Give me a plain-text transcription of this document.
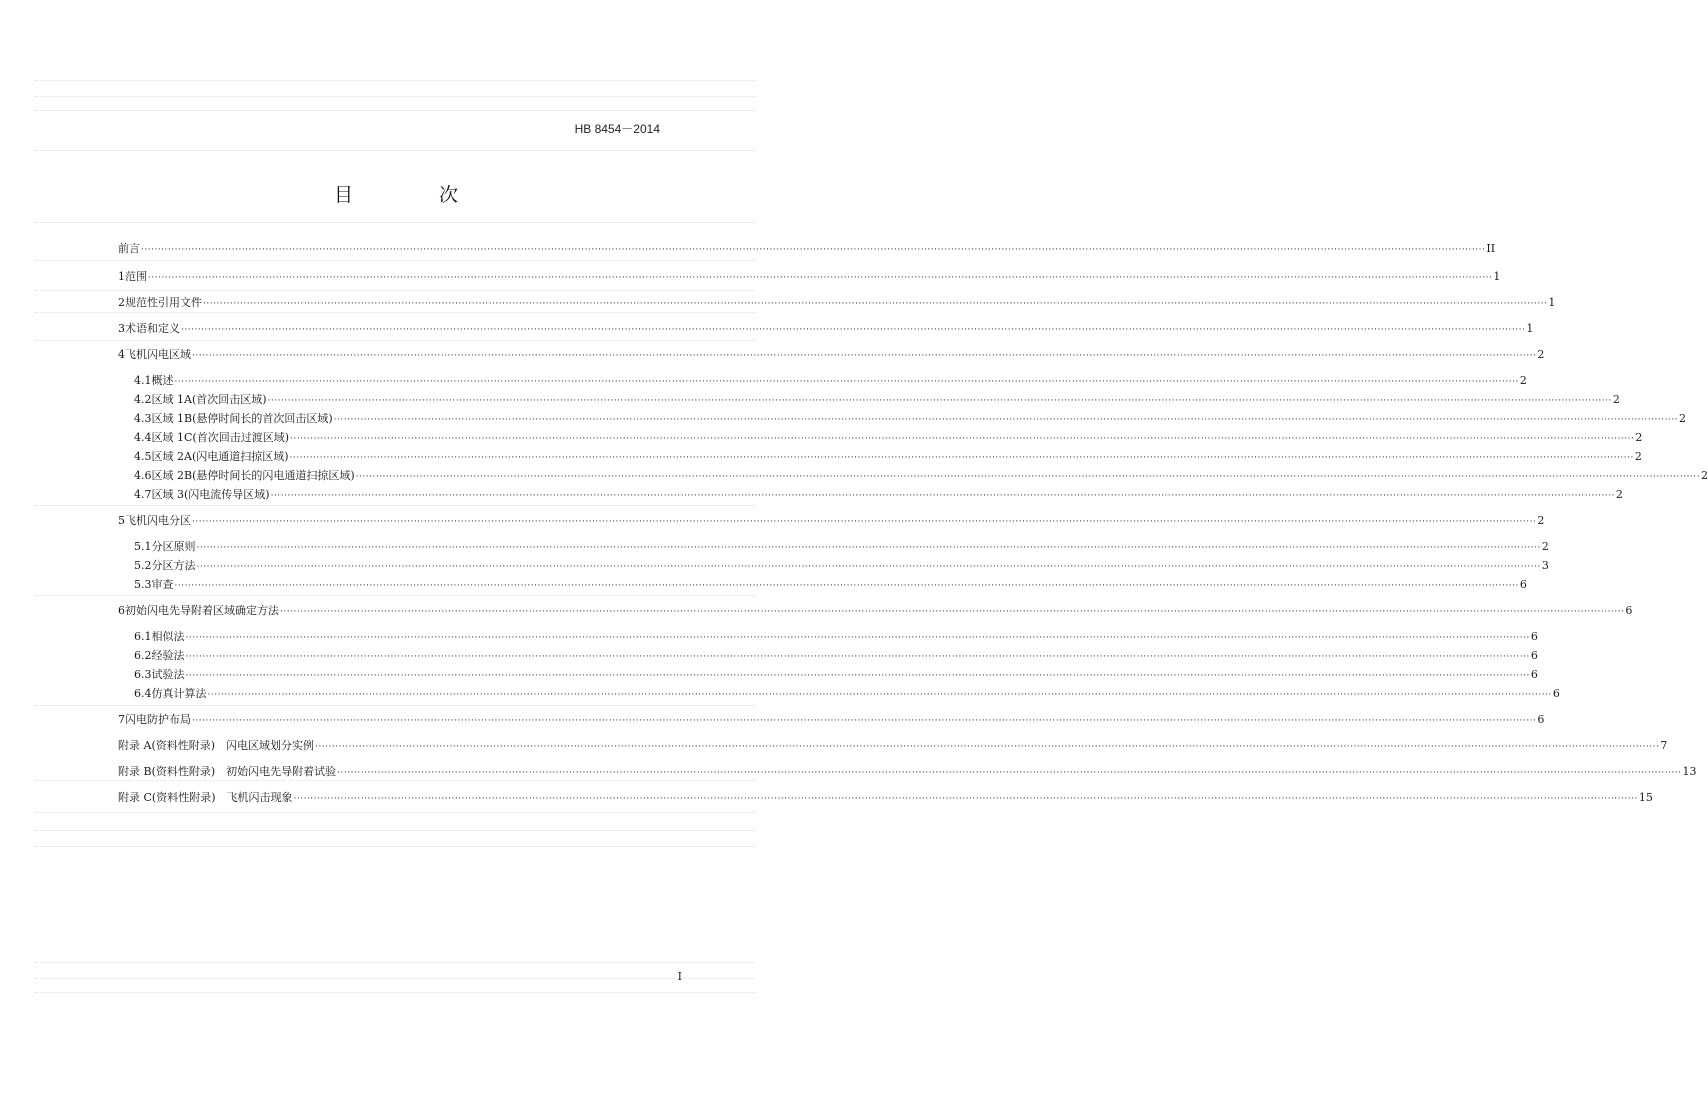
HB 8454－2014
目 次
前言 ················································································································································································································································································································································································································ II
1 范围 ················································································································································································································································································································································································································ 1
2 规范性引用文件 ················································································································································································································································································································································································································ 1
3 术语和定义 ················································································································································································································································································································································································································ 1
4 飞机闪电区域 ················································································································································································································································································································································································································ 2
4.1 概述 ················································································································································································································································································································································································································ 2
4.2 区域 1A(首次回击区域) ················································································································································································································································································································································································································ 2
4.3 区域 1B(悬停时间长的首次回击区域) ················································································································································································································································································································································································································ 2
4.4 区域 1C(首次回击过渡区域) ················································································································································································································································································································································································································ 2
4.5 区域 2A(闪电通道扫掠区域) ················································································································································································································································································································································································································ 2
4.6 区域 2B(悬停时间长的闪电通道扫掠区域) ················································································································································································································································································································································································································ 2
4.7 区域 3(闪电流传导区域) ················································································································································································································································································································································································································ 2
5 飞机闪电分区 ················································································································································································································································································································································································································ 2
5.1 分区原则 ················································································································································································································································································································································································································ 2
5.2 分区方法 ················································································································································································································································································································································································································ 3
5.3 审查 ················································································································································································································································································································································································································ 6
6 初始闪电先导附着区域确定方法 ················································································································································································································································································································································································································ 6
6.1 相似法 ················································································································································································································································································································································································································ 6
6.2 经验法 ················································································································································································································································································································································································································ 6
6.3 试验法 ················································································································································································································································································································································································································ 6
6.4 仿真计算法 ················································································································································································································································································································································································································ 6
7 闪电防护布局 ················································································································································································································································································································································································································ 6
附录 A(资料性附录)　闪电区域划分实例 ················································································································································································································································································································································································································ 7
附录 B(资料性附录)　初始闪电先导附着试验 ················································································································································································································································································································································································································ 13
附录 C(资料性附录)　飞机闪击现象 ················································································································································································································································································································································································································ 15
I
